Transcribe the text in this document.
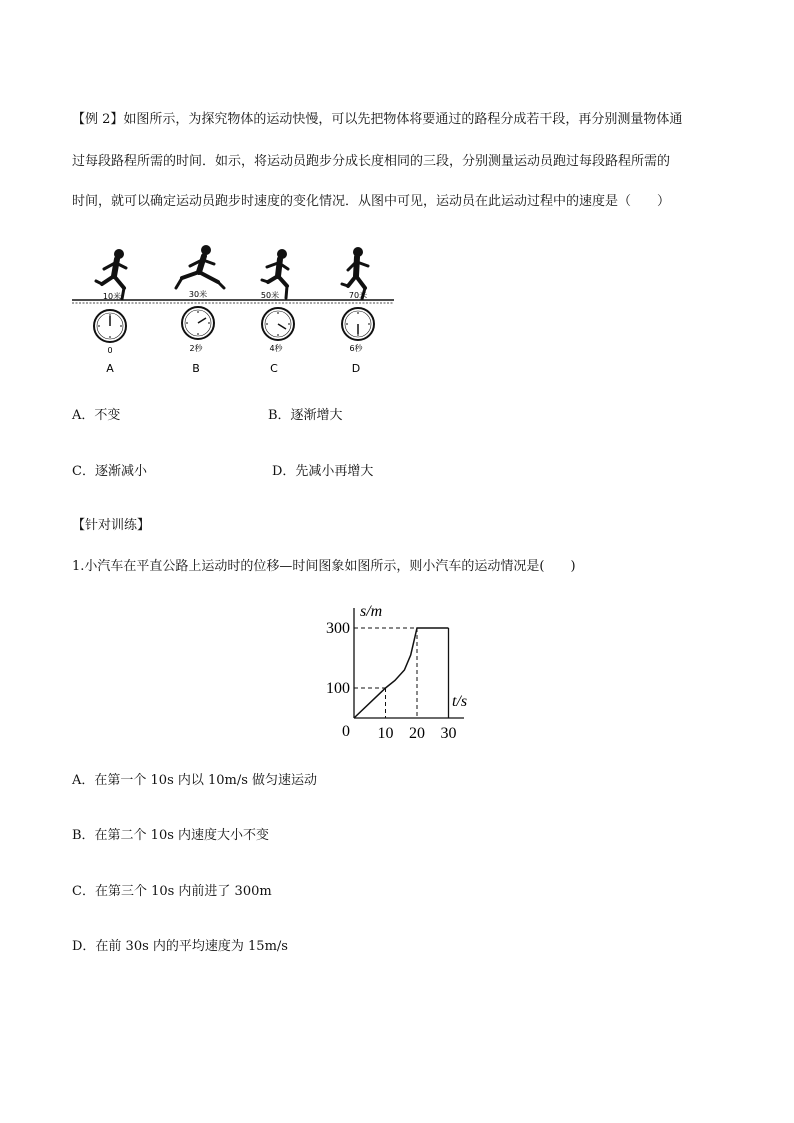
【例 2】如图所示，为探究物体的运动快慢，可以先把物体将要通过的路程分成若干段，再分别测量物体通
过每段路程所需的时间．如示，将运动员跑步分成长度相同的三段，分别测量运动员跑过每段路程所需的
时间，就可以确定运动员跑步时速度的变化情况．从图中可见，运动员在此运动过程中的速度是（　　）
10米	30米	50米	70米
0	2秒	4秒	6秒
A	B	C	D
A．不变	B．逐渐增大
C．逐渐减小	D．先减小再增大
【针对训练】
1.小汽车在平直公路上运动时的位移—时间图象如图所示，则小汽车的运动情况是(　　)
10 20 30
100
300
s/m
t/s
0
A．在第一个 10s 内以 10m/s 做匀速运动
B．在第二个 10s 内速度大小不变
C．在第三个 10s 内前进了 300m
D．在前 30s 内的平均速度为 15m/s
